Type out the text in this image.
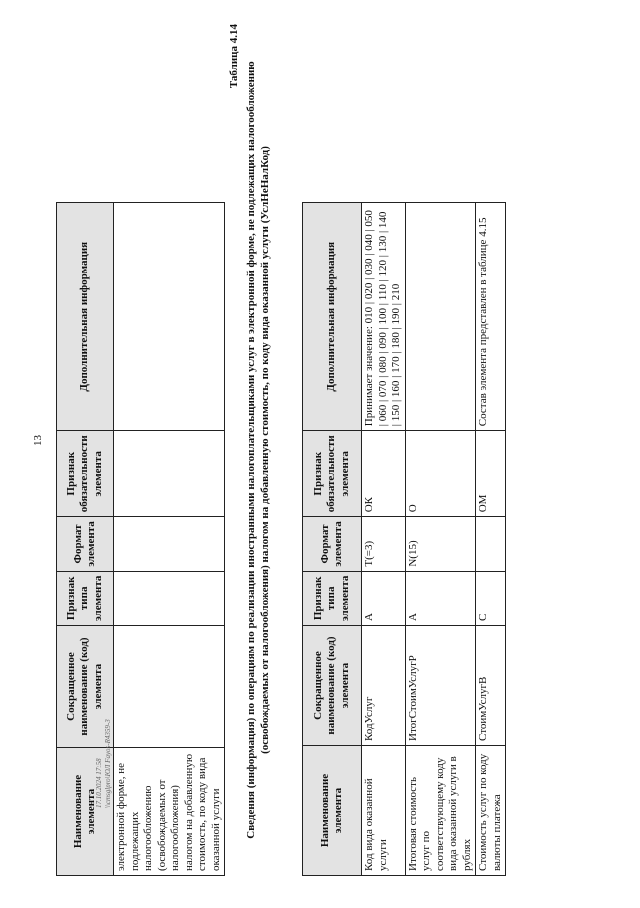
13
Наименование элемента	Сокращенное наименование (код) элемента	Признак типа элемента	Формат элемента	Признак обязательности элемента	Дополнительная информация
электронной форме, не подлежащих налогообложению (освобождаемых от налогообложения) налогом на добавленную стоимость, по коду вида оказанной услуги					
Таблица 4.14
Сведения (информация) по операциям по реализации иностранными налогоплательщиками услуг в электронной форме, не подлежащих налогообложению (освобождаемых от налогообложения) налогом на добавленную стоимость, по коду вида оказанной услуги (УслНеНалКод)
Наименование элемента	Сокращенное наименование (код) элемента	Признак типа элемента	Формат элемента	Признак обязательности элемента	Дополнительная информация
Код вида оказанной услуги	КодУслуг	А	T(=3)	ОК	Принимает значение: 010 | 020 | 030 | 040 | 050 | 060 | 070 | 080 | 090 | 100 | 110 | 120 | 130 | 140 | 150 | 160 | 170 | 180 | 190 | 210
Итоговая стоимость услуг по соответствующему коду вида оказанной услуги в рублях	ИтогСтоимУслугР	А	N(15)	О	
Стоимость услуг по коду валюты платежа	СтоимУслугВ	С		ОМ	Состав элемента представлен в таблице 4.15
17.10.2024 17:58 \\cmsglpro\ЮЛ Fayos-R4359-3
